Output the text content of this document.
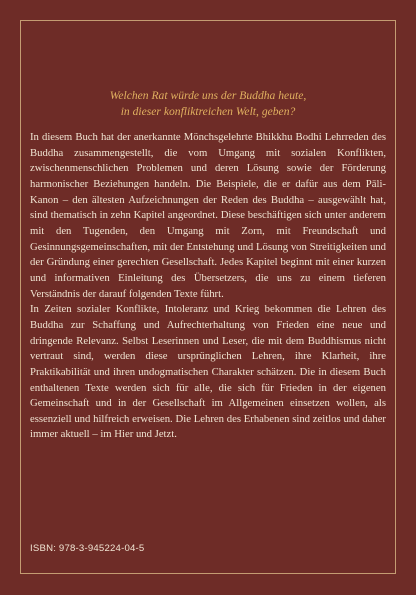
Welchen Rat würde uns der Buddha heute,
in dieser konfliktreichen Welt, geben?

In diesem Buch hat der anerkannte Mönchsgelehrte Bhikkhu Bodhi Lehrreden des Buddha zusammengestellt, die vom Umgang mit sozialen Konflikten, zwischenmenschlichen Problemen und deren Lösung sowie der Förderung harmonischer Beziehungen handeln. Die Beispiele, die er dafür aus dem Pāli-Kanon – den ältesten Aufzeichnungen der Reden des Buddha – ausgewählt hat, sind thematisch in zehn Kapitel angeordnet. Diese beschäftigen sich unter anderem mit den Tugenden, den Umgang mit Zorn, mit Freundschaft und Gesinnungsgemeinschaften, mit der Entstehung und Lösung von Streitigkeiten und der Gründung einer gerechten Gesellschaft. Jedes Kapitel beginnt mit einer kurzen und informativen Einleitung des Übersetzers, die uns zu einem tieferen Verständnis der darauf folgenden Texte führt.

In Zeiten sozialer Konflikte, Intoleranz und Krieg bekommen die Lehren des Buddha zur Schaffung und Aufrechterhaltung von Frieden eine neue und dringende Relevanz. Selbst Leserinnen und Leser, die mit dem Buddhismus nicht vertraut sind, werden diese ursprünglichen Lehren, ihre Klarheit, ihre Praktikabilität und ihren undogmatischen Charakter schätzen. Die in diesem Buch enthaltenen Texte werden sich für alle, die sich für Frieden in der eigenen Gemeinschaft und in der Gesellschaft im Allgemeinen einsetzen wollen, als essenziell und hilfreich erweisen. Die Lehren des Erhabenen sind zeitlos und daher immer aktuell – im Hier und Jetzt.

ISBN: 978-3-945224-04-5
